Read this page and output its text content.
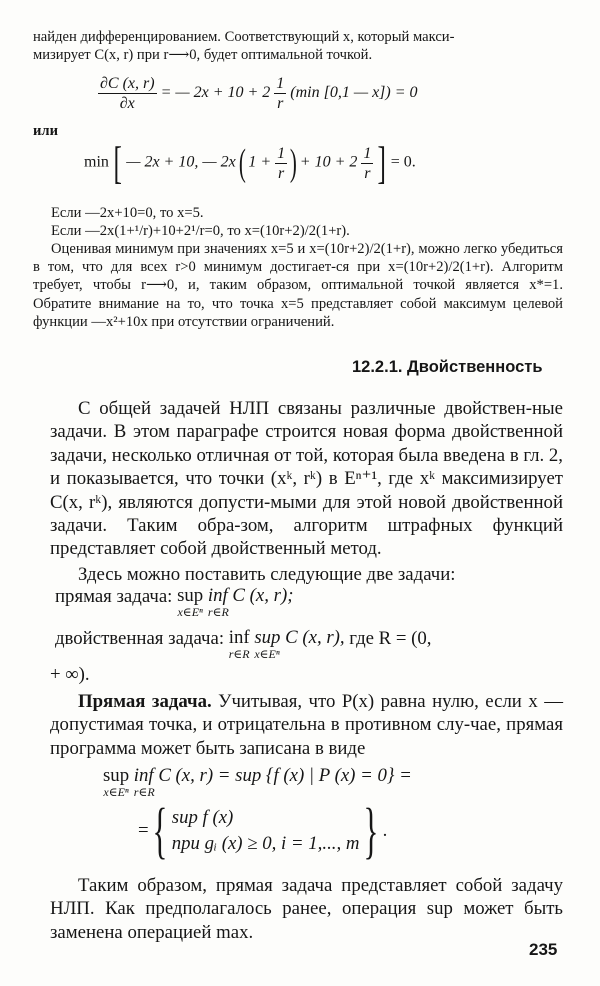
найден дифференцированием. Соответствующий x, который макси-

мизирует C(x, r) при r⟶0, будет оптимальной точкой.

$\frac{\partial C (x, r)}{\partial x}$ = — $2x + 10 + 2 \frac{1}{r} (\min$ [0,1 — x]) = 0
или
min [ — 2x + 10, — 2x ( $1 + \frac{1}{r}$ ) + $10 + 2 \frac{1}{r}$ ] = 0.

Если —2x+10=0, то x=5.

Если —2x(1+¹/r)+10+2¹/r=0, то x=(10r+2)/2(1+r).

Оценивая минимум при значениях x=5 и x=(10r+2)/2(1+r), можно легко убедиться в том, что для всех r>0 минимум достигает-ся при x=(10r+2)/2(1+r). Алгоритм требует, чтобы r⟶0, и, таким образом, оптимальной точкой является x*=1. Обратите внимание на то, что точка x=5 представляет собой максимум целевой функции —x²+10x при отсутствии ограничений.

12.2.1. Двойственность

С общей задачей НЛП связаны различные двойствен-ные задачи. В этом параграфе строится новая форма двойственной задачи, несколько отличная от той, которая была введена в гл. 2, и показывается, что точки (xᵏ, rᵏ) в Eⁿ⁺¹, где xᵏ максимизирует C(x, rᵏ), являются допусти-мыми для этой новой двойственной задачи. Таким обра-зом, алгоритм штрафных функций представляет собой двойственный метод.

Здесь можно поставить следующие две задачи:

прямая задача: sup
x∈Eⁿ

inf C (x, r);
r∈R
двойственная задача: inf
r∈R

sup C (x, r),
x∈Eⁿ
где R = (0,
+ ∞).

Прямая задача. Учитывая, что P(x) равна нулю, если x — допустимая точка, и отрицательна в противном слу-чае, прямая программа может быть записана в виде

sup
x∈Eⁿ

inf C (x, r) = sup {f (x) | P (x) = 0} =
r∈R
= { sup f (x)
при gᵢ (x) ≥ 0, i = 1,..., m } .

Таким образом, прямая задача представляет собой задачу НЛП. Как предполагалось ранее, операция sup может быть заменена операцией max.

235
